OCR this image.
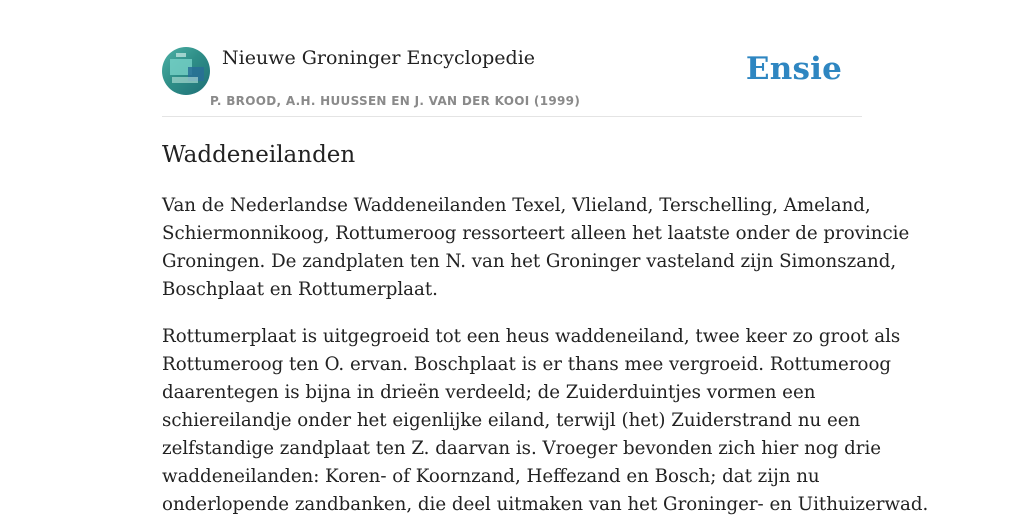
Nieuwe Groninger Encyclopedie
P. BROOD, A.H. HUUSSEN EN J. VAN DER KOOI (1999)
Ensie
Waddeneilanden

Van de Nederlandse Waddeneilanden Texel, Vlieland, Terschelling, Ameland,
Schiermonnikoog, Rottumeroog ressorteert alleen het laatste onder de provincie
Groningen. De zandplaten ten N. van het Groninger vasteland zijn Simonszand,
Boschplaat en Rottumerplaat.

Rottumerplaat is uitgegroeid tot een heus waddeneiland, twee keer zo groot als
Rottumeroog ten O. ervan. Boschplaat is er thans mee vergroeid. Rottumeroog
daarentegen is bijna in drieën verdeeld; de Zuiderduintjes vormen een
schiereilandje onder het eigenlijke eiland, terwijl (het) Zuiderstrand nu een
zelfstandige zandplaat ten Z. daarvan is. Vroeger bevonden zich hier nog drie
waddeneilanden: Koren- of Koornzand, Heffezand en Bosch; dat zijn nu
onderlopende zandbanken, die deel uitmaken van het Groninger- en Uithuizerwad.
